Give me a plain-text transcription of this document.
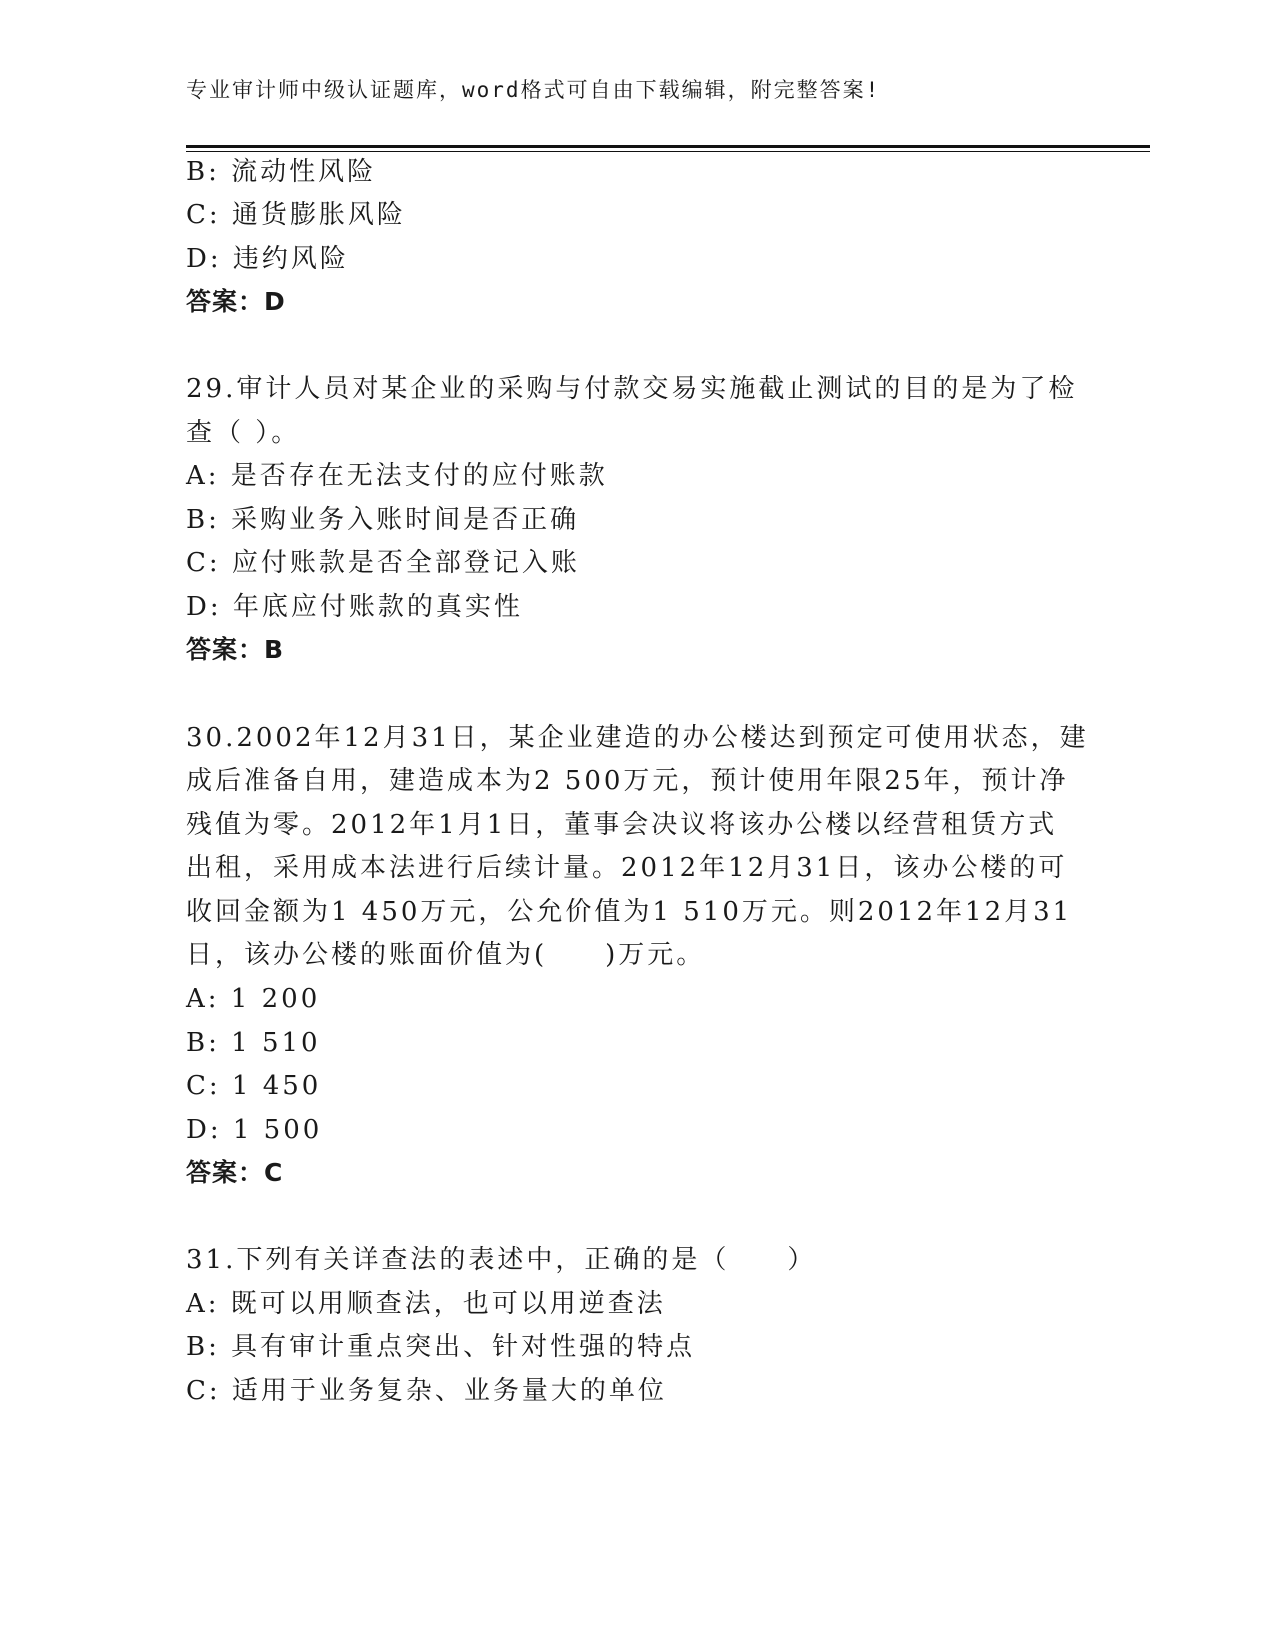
专业审计师中级认证题库，word格式可自由下载编辑，附完整答案!
B: 流动性风险
C: 通货膨胀风险
D: 违约风险
答案：D
29.审计人员对某企业的采购与付款交易实施截止测试的目的是为了检
查（ ）。
A: 是否存在无法支付的应付账款
B: 采购业务入账时间是否正确
C: 应付账款是否全部登记入账
D: 年底应付账款的真实性
答案：B
30.2002年12月31日，某企业建造的办公楼达到预定可使用状态，建
成后准备自用，建造成本为2 500万元，预计使用年限25年，预计净
残值为零。2012年1月1日，董事会决议将该办公楼以经营租赁方式
出租，采用成本法进行后续计量。2012年12月31日，该办公楼的可
收回金额为1 450万元，公允价值为1 510万元。则2012年12月31
日，该办公楼的账面价值为(　　)万元。
A: 1 200
B: 1 510
C: 1 450
D: 1 500
答案：C
31.下列有关详查法的表述中，正确的是（　　）
A: 既可以用顺查法，也可以用逆查法
B: 具有审计重点突出、针对性强的特点
C: 适用于业务复杂、业务量大的单位
